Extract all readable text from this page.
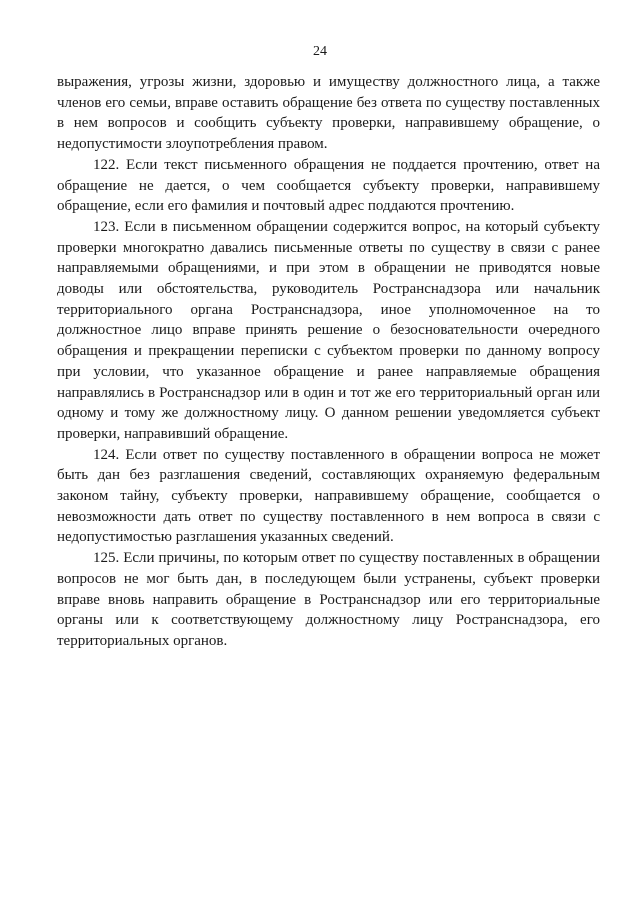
24

выражения, угрозы жизни, здоровью и имуществу должностного лица, а также членов его семьи, вправе оставить обращение без ответа по существу поставленных в нем вопросов и сообщить субъекту проверки, направившему обращение, о недопустимости злоупотребления правом.

122. Если текст письменного обращения не поддается прочтению, ответ на обращение не дается, о чем сообщается субъекту проверки, направившему обращение, если его фамилия и почтовый адрес поддаются прочтению.

123. Если в письменном обращении содержится вопрос, на который субъекту проверки многократно давались письменные ответы по существу в связи с ранее направляемыми обращениями, и при этом в обращении не приводятся новые доводы или обстоятельства, руководитель Ространснадзора или начальник территориального органа Ространснадзора, иное уполномоченное на то должностное лицо вправе принять решение о безосновательности очередного обращения и прекращении переписки с субъектом проверки по данному вопросу при условии, что указанное обращение и ранее направляемые обращения направлялись в Ространснадзор или в один и тот же его территориальный орган или одному и тому же должностному лицу. О данном решении уведомляется субъект проверки, направивший обращение.

124. Если ответ по существу поставленного в обращении вопроса не может быть дан без разглашения сведений, составляющих охраняемую федеральным законом тайну, субъекту проверки, направившему обращение, сообщается о невозможности дать ответ по существу поставленного в нем вопроса в связи с недопустимостью разглашения указанных сведений.

125. Если причины, по которым ответ по существу поставленных в обращении вопросов не мог быть дан, в последующем были устранены, субъект проверки вправе вновь направить обращение в Ространснадзор или его территориальные органы или к соответствующему должностному лицу Ространснадзора, его территориальных органов.
